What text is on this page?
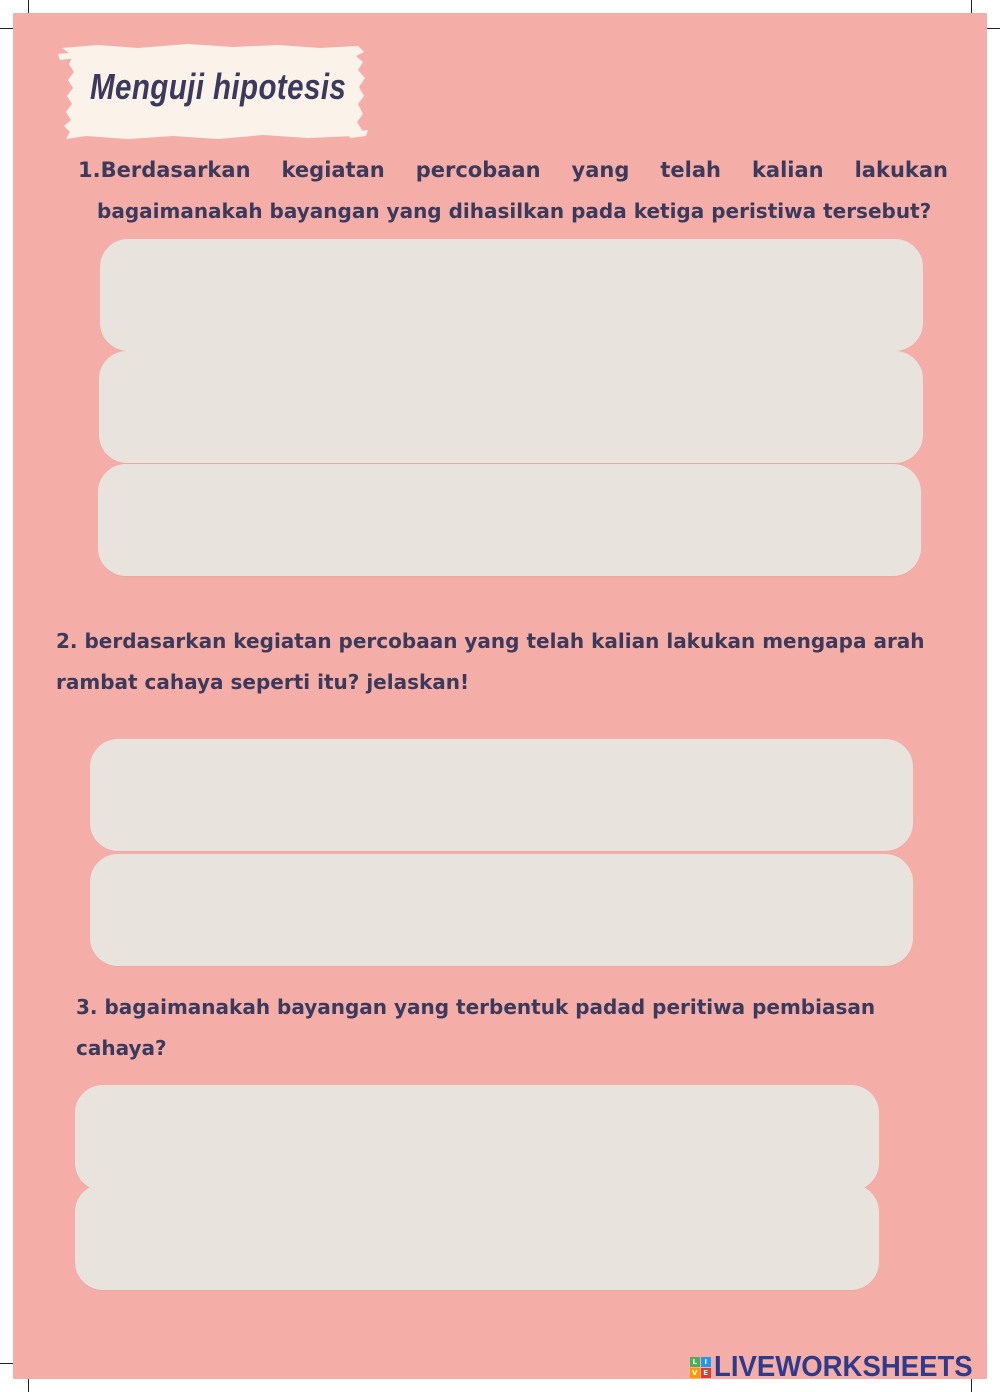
Menguji hipotesis
1.Berdasarkan kegiatan percobaan yang telah kalian lakukan
bagaimanakah bayangan yang dihasilkan pada ketiga peristiwa tersebut?
2. berdasarkan kegiatan percobaan yang telah kalian lakukan mengapa arah rambat cahaya seperti itu? jelaskan!
3. bagaimanakah bayangan yang terbentuk padad peritiwa pembiasan cahaya?
L	I
V E LIVEWORKSHEETS
